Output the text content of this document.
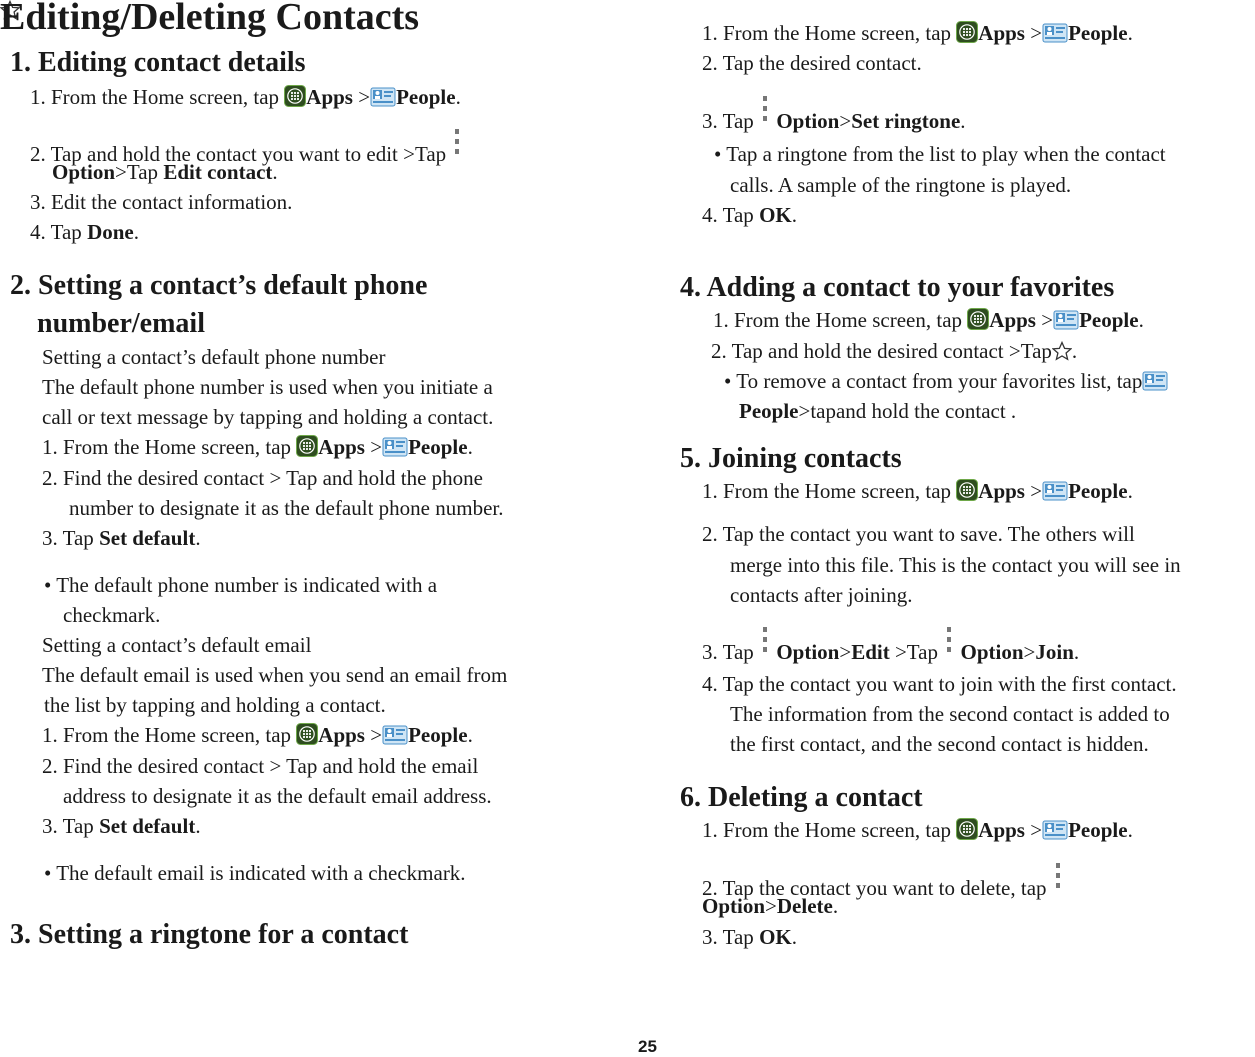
Editing/Deleting Contacts
1. Editing contact details
1. From the Home screen, tap Apps > People.
2. Tap and hold the contact you want to edit >Tap
Option>Tap Edit contact.
3. Edit the contact information.
4. Tap Done.
2. Setting a contact’s default phone
number/email
Setting a contact’s default phone number
The default phone number is used when you initiate a
call or text message by tapping and holding a contact.
1. From the Home screen, tap Apps > People.
2. Find the desired contact > Tap and hold the phone
number to designate it as the default phone number.
3. Tap Set default.
• The default phone number is indicated with a
checkmark.
Setting a contact’s default email
The default email is used when you send an email from
the list by tapping and holding a contact.
1. From the Home screen, tap Apps > People.
2. Find the desired contact > Tap and hold the email
address to designate it as the default email address.
3. Tap Set default.
• The default email is indicated with a checkmark.
3. Setting a ringtone for a contact
1. From the Home screen, tap Apps > People.
2. Tap the desired contact.
3. Tap  Option>Set ringtone.
• Tap a ringtone from the list to play when the contact
calls. A sample of the ringtone is played.
4. Tap OK.
4. Adding a contact to your favorites
1. From the Home screen, tap Apps > People.
2. Tap and hold the desired contact >Tap .
• To remove a contact from your favorites list, tap
People>tapand hold the contact .
5. Joining contacts
1. From the Home screen, tap Apps > People.
2. Tap the contact you want to save. The others will
merge into this file. This is the contact you will see in
contacts after joining.
3. Tap  Option>Edit >Tap  Option>Join.
4. Tap the contact you want to join with the first contact.
The information from the second contact is added to
the first contact, and the second contact is hidden.
6. Deleting a contact
1. From the Home screen, tap Apps > People.
2. Tap the contact you want to delete, tap
Option>Delete.
3. Tap OK.
25
